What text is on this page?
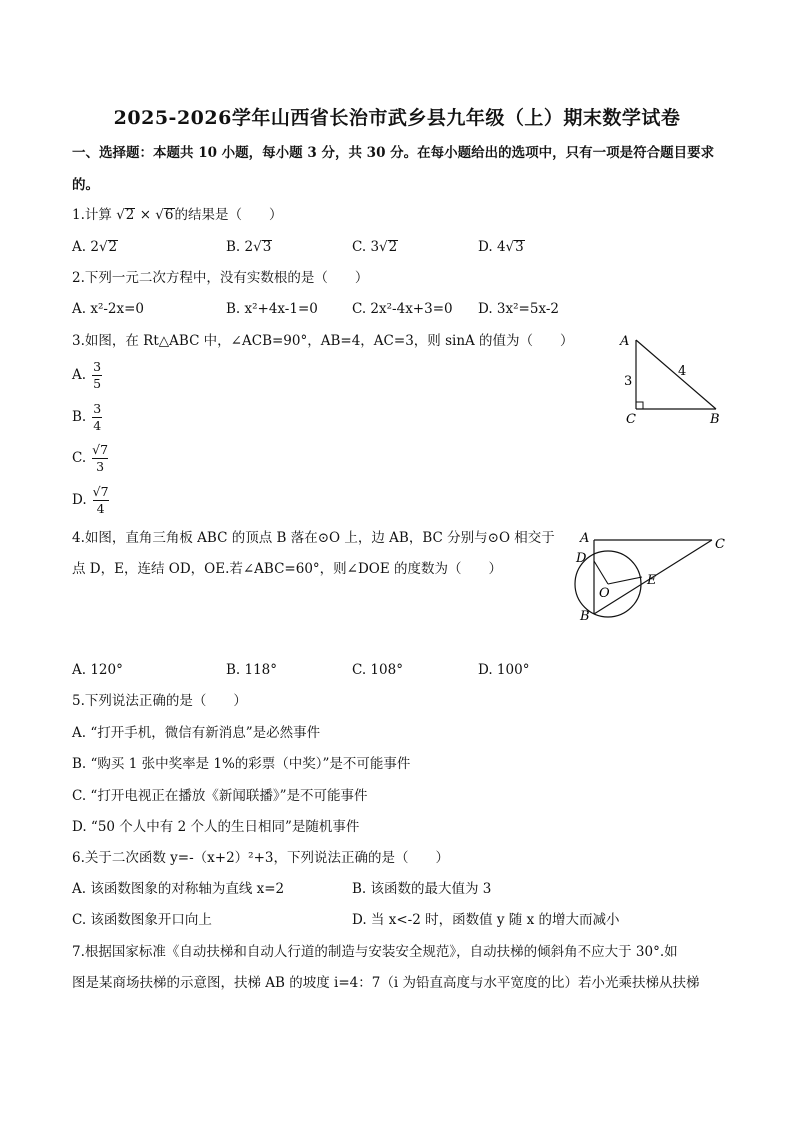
2025-2026学年山西省长治市武乡县九年级（上）期末数学试卷
一、选择题：本题共 10 小题，每小题 3 分，共 30 分。在每小题给出的选项中，只有一项是符合题目要求
的。
1.计算 √2 × √6的结果是（　　）
A. 2√2	B. 2√3	C. 3√2	D. 4√3
2.下列一元二次方程中，没有实数根的是（　　）
A. x²-2x=0	B. x²+4x-1=0	C. 2x²-4x+3=0 D. 3x²=5x-2
3.如图，在 Rt△ABC 中，∠ACB=90°，AB=4，AC=3，则 sinA 的值为（　　）
A. $\frac{3}{5}$
B. $\frac{3}{4}$
C. $\frac{√7}{3}$
D. $\frac{√7}{4}$
A
3
4
C	B
4.如图，直角三角板 ABC 的顶点 B 落在⊙O 上，边 AB，BC 分别与⊙O 相交于
点 D，E，连结 OD，OE.若∠ABC=60°，则∠DOE 的度数为（　　）
A	C
D
E
O
B
A. 120°	B. 118°	C. 108°	D. 100°
5.下列说法正确的是（　　）
A. “打开手机，微信有新消息”是必然事件
B. “购买 1 张中奖率是 1%的彩票（中奖）”是不可能事件
C. “打开电视正在播放《新闻联播》”是不可能事件
D. “50 个人中有 2 个人的生日相同”是随机事件
6.关于二次函数 y=-（x+2）²+3，下列说法正确的是（　　）
A. 该函数图象的对称轴为直线 x=2	B. 该函数的最大值为 3
C. 该函数图象开口向上	D. 当 x<-2 时，函数值 y 随 x 的增大而减小
7.根据国家标准《自动扶梯和自动人行道的制造与安装安全规范》，自动扶梯的倾斜角不应大于 30°.如
图是某商场扶梯的示意图，扶梯 AB 的坡度 i=4：7（i 为铅直高度与水平宽度的比）若小光乘扶梯从扶梯
